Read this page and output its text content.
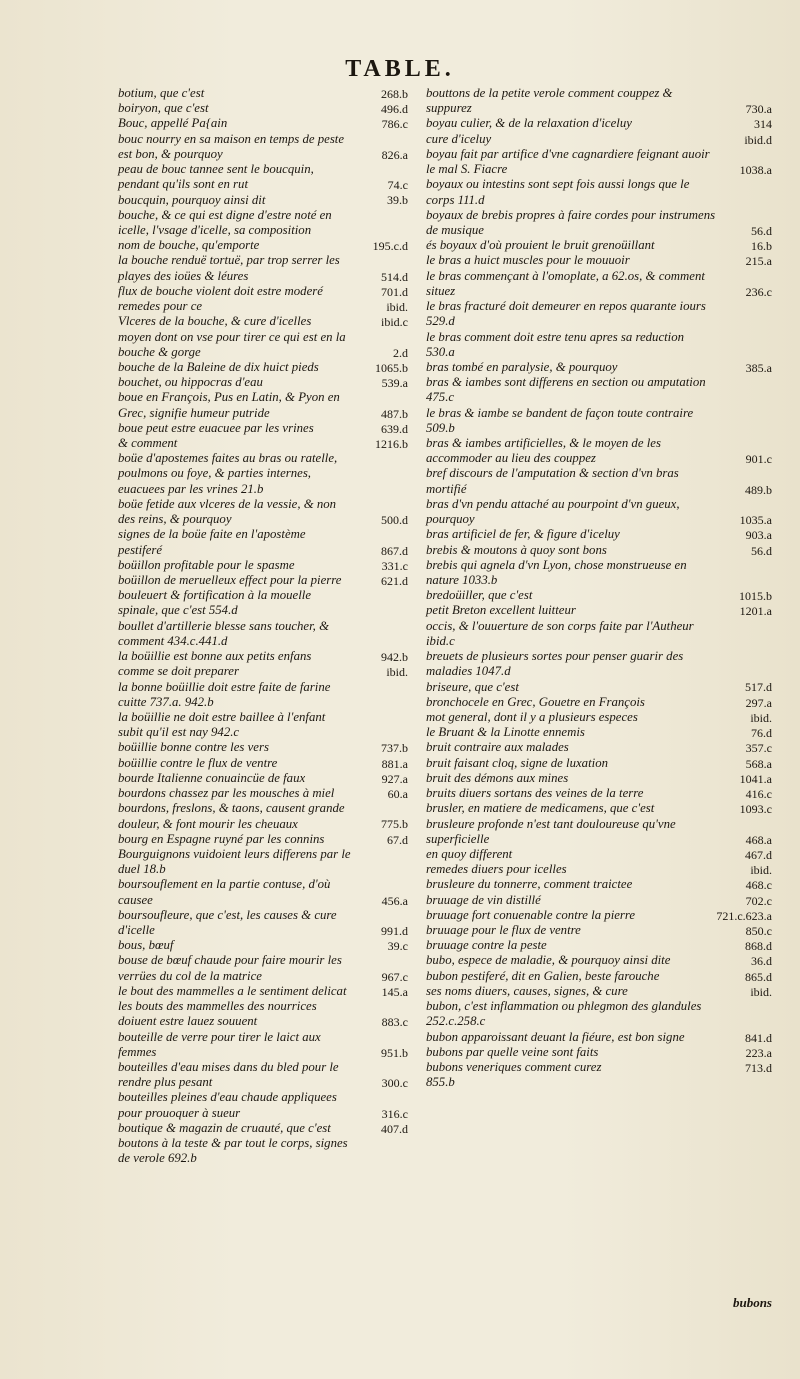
TABLE.
botium, que c'est	268.b
boiryon, que c'est	496.d
Bouc, appellé Pa{ain	786.c
bouc nourry en sa maison en temps de peste est bon, & pourquoy	826.a
peau de bouc tannee sent le boucquin, pendant qu'ils sont en rut	74.c
boucquin, pourquoy ainsi dit	39.b
bouche, & ce qui est digne d'estre noté en icelle, l'vsage d'icelle, sa composition
nom de bouche, qu'emporte	195.c.d
la bouche renduë tortuë, par trop serrer les playes des ioües & léures	514.d
flux de bouche violent doit estre moderé	701.d
remedes pour ce	ibid.
Vlceres de la bouche, & cure d'icelles	ibid.c
moyen dont on vse pour tirer ce qui est en la bouche & gorge	2.d
bouche de la Baleine de dix huict pieds	1065.b
bouchet, ou hippocras d'eau	539.a
boue en François, Pus en Latin, & Pyon en Grec, signifie humeur putride	487.b
boue peut estre euacuee par les vrines	639.d
& comment	1216.b
boüe d'apostemes faites au bras ou ratelle, poulmons ou foye, & parties internes, euacuees par les vrines 21.b
boüe fetide aux vlceres de la vessie, & non des reins, & pourquoy	500.d
signes de la boüe faite en l'apostème pestiferé	867.d
boüillon profitable pour le spasme	331.c
boüillon de meruelleux effect pour la pierre	621.d
bouleuert & fortification à la mouelle spinale, que c'est 554.d
boullet d'artillerie blesse sans toucher, & comment 434.c.441.d
la boüillie est bonne aux petits enfans	942.b
comme se doit preparer	ibid.
la bonne boüillie doit estre faite de farine cuitte 737.a. 942.b
la boüillie ne doit estre baillee à l'enfant subit qu'il est nay 942.c
boüillie bonne contre les vers	737.b
boüillie contre le flux de ventre	881.a
bourde Italienne conuaincüe de faux	927.a
bourdons chassez par les mousches à miel	60.a
bourdons, freslons, & taons, causent grande douleur, & font mourir les cheuaux	775.b
bourg en Espagne ruyné par les connins	67.d
Bourguignons vuidoient leurs differens par le duel 18.b
boursouflement en la partie contuse, d'où causee	456.a
boursoufleure, que c'est, les causes & cure d'icelle	991.d
bous, bœuf	39.c
bouse de bœuf chaude pour faire mourir les verrües du col de la matrice	967.c
le bout des mammelles a le sentiment delicat	145.a
les bouts des mammelles des nourrices doiuent estre lauez souuent	883.c
bouteille de verre pour tirer le laict aux femmes	951.b
bouteilles d'eau mises dans du bled pour le rendre plus pesant	300.c
bouteilles pleines d'eau chaude appliquees pour prouoquer à sueur	316.c
boutique & magazin de cruauté, que c'est	407.d
boutons à la teste & par tout le corps, signes de verole 692.b
bouttons de la petite verole comment couppez & suppurez	730.a
boyau culier, & de la relaxation d'iceluy	314
cure d'iceluy	ibid.d
boyau fait par artifice d'vne cagnardiere feignant auoir le mal S. Fiacre	1038.a
boyaux ou intestins sont sept fois aussi longs que le corps 111.d
boyaux de brebis propres à faire cordes pour instrumens de musique	56.d
és boyaux d'où prouient le bruit grenoüillant	16.b
le bras a huict muscles pour le mouuoir	215.a
le bras commençant à l'omoplate, a 62.os, & comment situez	236.c
le bras fracturé doit demeurer en repos quarante iours 529.d
le bras comment doit estre tenu apres sa reduction 530.a
bras tombé en paralysie, & pourquoy	385.a
bras & iambes sont differens en section ou amputation 475.c
le bras & iambe se bandent de façon toute contraire 509.b
bras & iambes artificielles, & le moyen de les accommoder au lieu des couppez	901.c
bref discours de l'amputation & section d'vn bras mortifié	489.b
bras d'vn pendu attaché au pourpoint d'vn gueux, pourquoy	1035.a
bras artificiel de fer, & figure d'iceluy	903.a
brebis & moutons à quoy sont bons	56.d
brebis qui agnela d'vn Lyon, chose monstrueuse en nature 1033.b
bredoüiller, que c'est	1015.b
petit Breton excellent luitteur	1201.a
occis, & l'ouuerture de son corps faite par l'Autheur ibid.c
breuets de plusieurs sortes pour penser guarir des maladies 1047.d
briseure, que c'est	517.d
bronchocele en Grec, Gouetre en François	297.a
mot general, dont il y a plusieurs especes	ibid.
le Bruant & la Linotte ennemis	76.d
bruit contraire aux malades	357.c
bruit faisant cloq, signe de luxation	568.a
bruit des démons aux mines	1041.a
bruits diuers sortans des veines de la terre	416.c
brusler, en matiere de medicamens, que c'est	1093.c
brusleure profonde n'est tant douloureuse qu'vne superficielle	468.a
en quoy different	467.d
remedes diuers pour icelles	ibid.
brusleure du tonnerre, comment traictee	468.c
bruuage de vin distillé	702.c
bruuage fort conuenable contre la pierre	721.c.623.a
bruuage pour le flux de ventre	850.c
bruuage contre la peste	868.d
bubo, espece de maladie, & pourquoy ainsi dite	36.d
bubon pestiferé, dit en Galien, beste farouche	865.d
ses noms diuers, causes, signes, & cure	ibid.
bubon, c'est inflammation ou phlegmon des glandules 252.c.258.c
bubon apparoissant deuant la fiéure, est bon signe	841.d
bubons par quelle veine sont faits	223.a
bubons veneriques comment curez	713.d
855.b
bubons
